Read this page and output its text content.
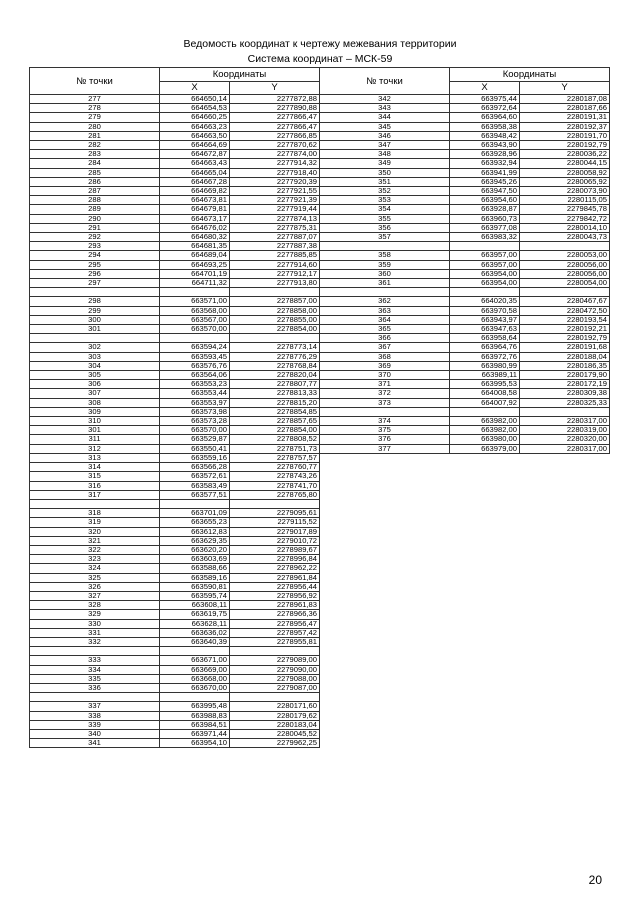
Ведомость координат к чертежу межевания территории
Система координат – МСК-59
№ точки	Координаты	
	X	Y
277	664650,14	2277872,88
278	664654,53	2277890,88
279	664660,25	2277866,47
280	664663,23	2277866,47
281	664663,50	2277866,85
282	664664,69	2277870,62
283	664672,87	2277874,00
284	664663,43	2277914,32
285	664665,04	2277918,40
286	664667,28	2277920,39
287	664669,82	2277921,55
288	664673,81	2277921,39
289	664679,81	2277919,44
290	664673,17	2277874,13
291	664676,02	2277875,31
292	664680,32	2277887,07
293	664681,35	2277887,38
294	664689,04	2277885,85
295	664693,25	2277914,60
296	664701,19	2277912,17
297	664711,32	2277913,80

298	663571,00	2278857,00
299	663568,00	2278858,00
300	663567,00	2278855,00
301	663570,00	2278854,00

302	663594,24	2278773,14
303	663593,45	2278776,29
304	663576,76	2278768,84
305	663564,06	2278820,04
306	663553,23	2278807,77
307	663553,44	2278813,33
308	663553,97	2278815,20
309	663573,98	2278854,85
310	663573,28	2278857,65
301	663570,00	2278854,00
311	663529,87	2278808,52
312	663550,41	2278751,73
313	663559,16	2278757,57
314	663566,28	2278760,77
315	663572,61	2278743,26
316	663583,49	2278741,70
317	663577,51	2278765,80

318	663701,09	2279095,61
319	663655,23	2279115,52
320	663612,83	2279017,89
321	663629,35	2279010,72
322	663620,20	2278989,67
323	663603,69	2278996,84
324	663588,66	2278962,22
325	663589,16	2278961,84
326	663590,81	2278956,44
327	663595,74	2278956,92
328	663608,11	2278961,83
329	663619,75	2278966,36
330	663628,11	2278956,47
331	663636,02	2278957,42
332	663640,39	2278955,81

333	663671,00	2279089,00
334	663669,00	2279090,00
335	663668,00	2279088,00
336	663670,00	2279087,00

337	663995,48	2280171,60
338	663988,83	2280179,62
339	663984,51	2280183,04
340	663971,44	2280045,52
341	663954,10	2279962,25
№ точки	Координаты	
	X	Y
342	663975,44	2280187,08
343	663972,64	2280187,66
344	663964,60	2280191,31
345	663958,38	2280192,37
346	663948,42	2280191,70
347	663943,90	2280192,79
348	663928,96	2280036,22
349	663932,94	2280044,15
350	663941,99	2280058,92
351	663945,26	2280065,92
352	663947,50	2280073,90
353	663954,60	2280115,05
354	663928,87	2279845,78
355	663960,73	2279842,72
356	663977,08	2280014,10
357	663983,32	2280043,73

358	663957,00	2280053,00
359	663957,00	2280056,00
360	663954,00	2280056,00
361	663954,00	2280054,00

362	664020,35	2280467,67
363	663970,58	2280472,50
364	663943,97	2280193,54
365	663947,63	2280192,21
366	663958,64	2280192,79
367	663964,76	2280191,68
368	663972,76	2280188,04
369	663980,99	2280186,35
370	663989,11	2280179,90
371	663995,53	2280172,19
372	664008,58	2280309,38
373	664007,92	2280325,33

374	663982,00	2280317,00
375	663982,00	2280319,00
376	663980,00	2280320,00
377	663979,00	2280317,00
20
